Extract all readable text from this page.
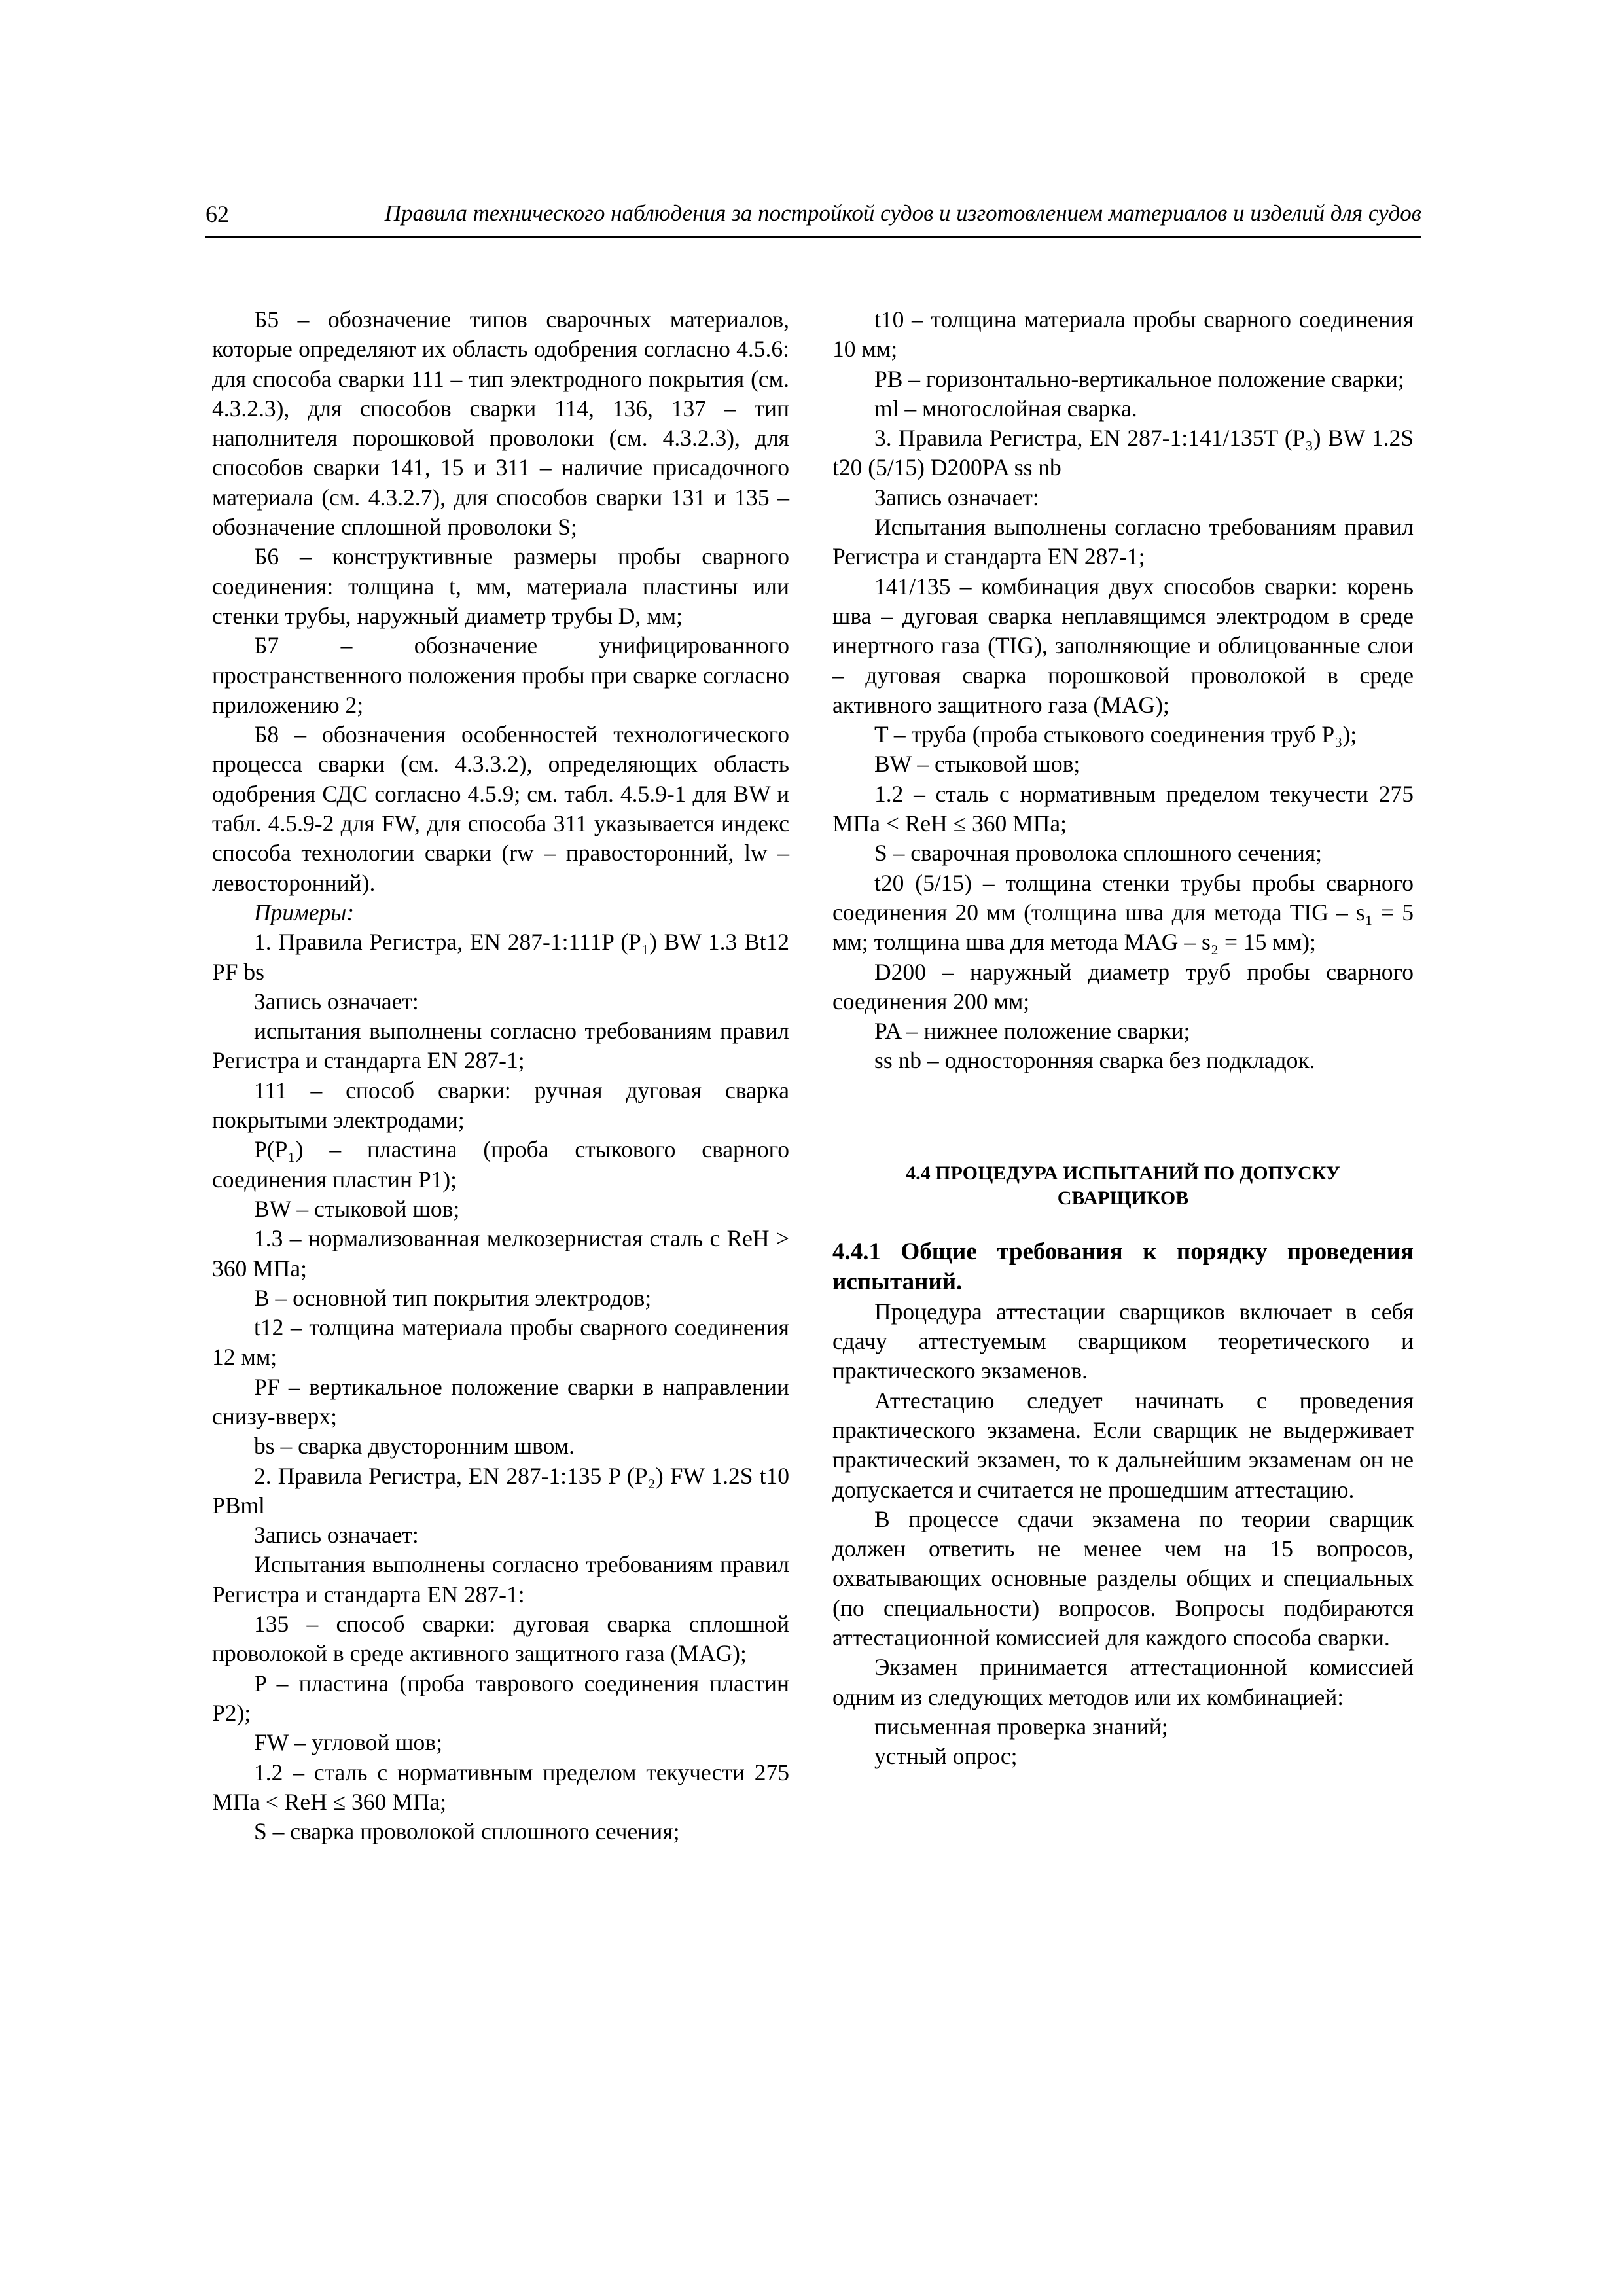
62	Правила технического наблюдения за постройкой судов и изготовлением материалов и изделий для судов

Б5 – обозначение типов сварочных материалов, которые определяют их область одобрения согласно 4.5.6: для способа сварки 111 – тип электродного покрытия (см. 4.3.2.3), для способов сварки 114, 136, 137 – тип наполнителя порошковой проволоки (см. 4.3.2.3), для способов сварки 141, 15 и 311 – наличие присадочного материала (см. 4.3.2.7), для способов сварки 131 и 135 – обозначение сплошной проволоки S;

Б6 – конструктивные размеры пробы сварного соединения: толщина t, мм, материала пластины или стенки трубы, наружный диаметр трубы D, мм;

Б7 – обозначение унифицированного пространственного положения пробы при сварке согласно приложению 2;

Б8 – обозначения особенностей технологического процесса сварки (см. 4.3.3.2), определяющих область одобрения СДС согласно 4.5.9; см. табл. 4.5.9-1 для BW и табл. 4.5.9-2 для FW, для способа 311 указывается индекс способа технологии сварки (rw – правосторонний, lw – левосторонний).

Примеры:

1. Правила Регистра, EN 287-1:111P (P₁) BW 1.3 Bt12 PF bs

Запись означает:

испытания выполнены согласно требованиям правил Регистра и стандарта EN 287-1;

111 – способ сварки: ручная дуговая сварка покрытыми электродами;

P(P₁) – пластина (проба стыкового сварного соединения пластин P1);

BW – стыковой шов;

1.3 – нормализованная мелкозернистая сталь с ReH > 360 МПа;

B – основной тип покрытия электродов;

t12 – толщина материала пробы сварного соединения 12 мм;

PF – вертикальное положение сварки в направлении снизу-вверх;

bs – сварка двусторонним швом.

2. Правила Регистра, EN 287-1:135 P (P₂) FW 1.2S t10 PBml

Запись означает:

Испытания выполнены согласно требованиям правил Регистра и стандарта EN 287-1:

135 – способ сварки: дуговая сварка сплошной проволокой в среде активного защитного газа (MAG);

P – пластина (проба таврового соединения пластин P2);

FW – угловой шов;

1.2 – сталь с нормативным пределом текучести 275 МПа < ReH ≤ 360 МПа;

S – сварка проволокой сплошного сечения;

t10 – толщина материала пробы сварного соединения 10 мм;

PB – горизонтально-вертикальное положение сварки;

ml – многослойная сварка.

3. Правила Регистра, EN 287-1:141/135T (P₃) BW 1.2S t20 (5/15) D200PA ss nb

Запись означает:

Испытания выполнены согласно требованиям правил Регистра и стандарта EN 287-1;

141/135 – комбинация двух способов сварки: корень шва – дуговая сварка неплавящимся электродом в среде инертного газа (TIG), заполняющие и облицованные слои – дуговая сварка порошковой проволокой в среде активного защитного газа (MAG);

T – труба (проба стыкового соединения труб P₃);

BW – стыковой шов;

1.2 – сталь с нормативным пределом текучести 275 МПа < ReH ≤ 360 МПа;

S – сварочная проволока сплошного сечения;

t20 (5/15) – толщина стенки трубы пробы сварного соединения 20 мм (толщина шва для метода TIG – s₁ = 5 мм; толщина шва для метода MAG – s₂ = 15 мм);

D200 – наружный диаметр труб пробы сварного соединения 200 мм;

PA – нижнее положение сварки;

ss nb – односторонняя сварка без подкладок.

4.4 ПРОЦЕДУРА ИСПЫТАНИЙ ПО ДОПУСКУ СВАРЩИКОВ
4.4.1 Общие требования к порядку проведения испытаний.

Процедура аттестации сварщиков включает в себя сдачу аттестуемым сварщиком теоретического и практического экзаменов.

Аттестацию следует начинать с проведения практического экзамена. Если сварщик не выдерживает практический экзамен, то к дальнейшим экзаменам он не допускается и считается не прошедшим аттестацию.

В процессе сдачи экзамена по теории сварщик должен ответить не менее чем на 15 вопросов, охватывающих основные разделы общих и специальных (по специальности) вопросов. Вопросы подбираются аттестационной комиссией для каждого способа сварки.

Экзамен принимается аттестационной комиссией одним из следующих методов или их комбинацией:

письменная проверка знаний;

устный опрос;
